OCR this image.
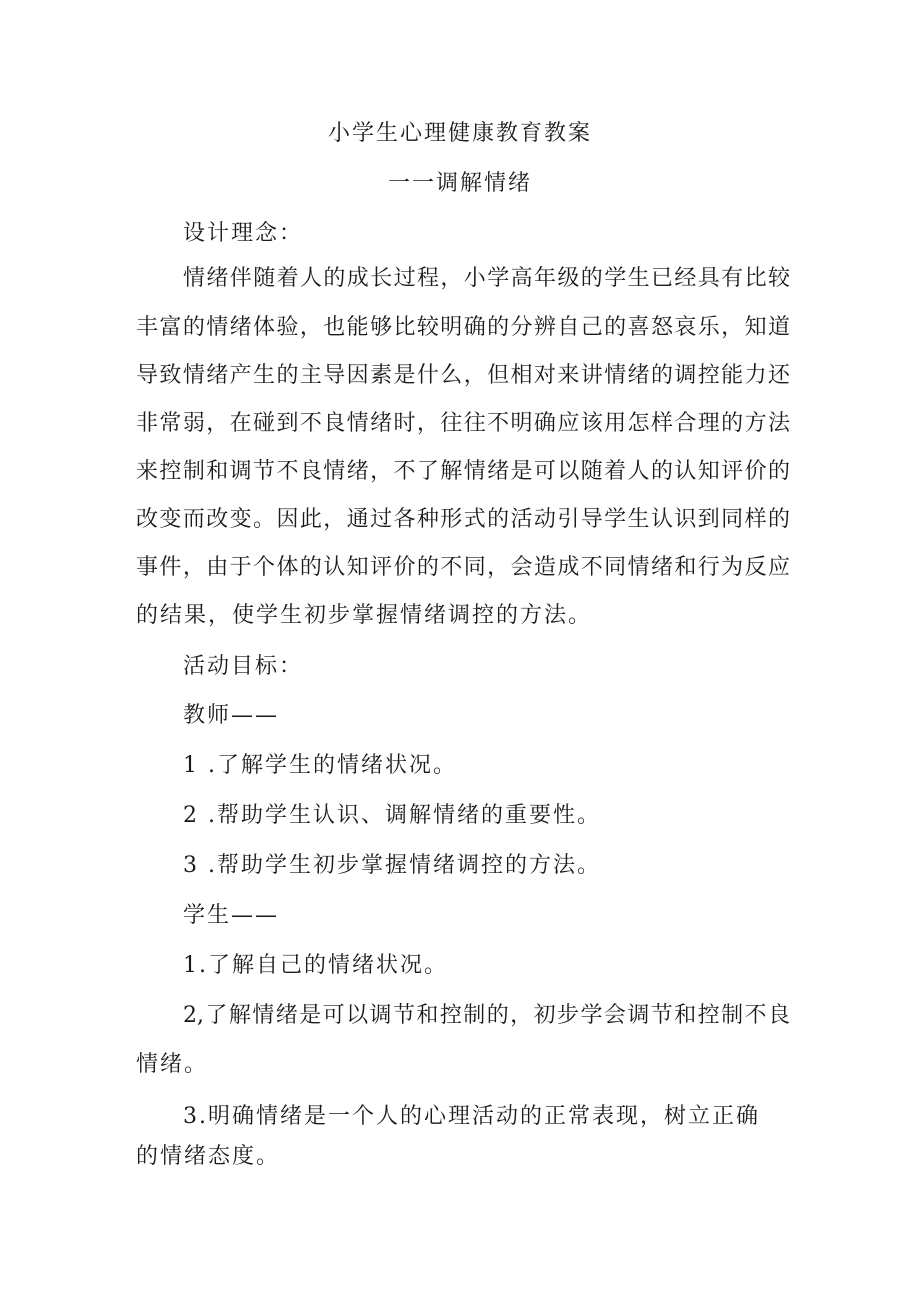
小学生心理健康教育教案
一一调解情绪
设计理念：
情绪伴随着人的成长过程，小学高年级的学生已经具有比较
丰富的情绪体验，也能够比较明确的分辨自己的喜怒哀乐，知道
导致情绪产生的主导因素是什么，但相对来讲情绪的调控能力还
非常弱，在碰到不良情绪时，往往不明确应该用怎样合理的方法
来控制和调节不良情绪，不了解情绪是可以随着人的认知评价的
改变而改变。因此，通过各种形式的活动引导学生认识到同样的
事件，由于个体的认知评价的不同，会造成不同情绪和行为反应
的结果，使学生初步掌握情绪调控的方法。
活动目标：
教师——
1 .了解学生的情绪状况。
2 .帮助学生认识、调解情绪的重要性。
3 .帮助学生初步掌握情绪调控的方法。
学生——
1.了解自己的情绪状况。
2,了解情绪是可以调节和控制的，初步学会调节和控制不良
情绪。
3.明确情绪是一个人的心理活动的正常表现，树立正确
的情绪态度。
